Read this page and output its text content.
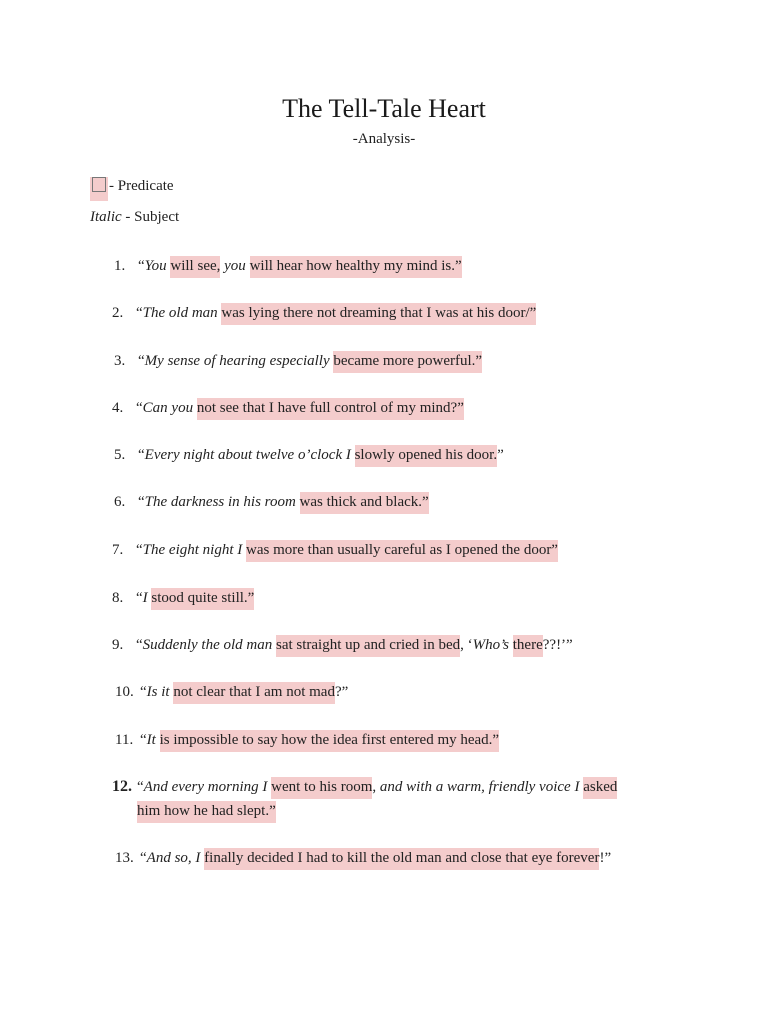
The Tell-Tale Heart
-Analysis-
- Predicate
Italic - Subject
1. “You will see, you will hear how healthy my mind is.”
2. “The old man was lying there not dreaming that I was at his door/”
3. “My sense of hearing especially became more powerful.”
4. “Can you not see that I have full control of my mind?”
5. “Every night about twelve o’clock I slowly opened his door.”
6. “The darkness in his room was thick and black.”
7. “The eight night I was more than usually careful as I opened the door”
8. “I stood quite still.”
9. “Suddenly the old man sat straight up and cried in bed, ‘Who’s there??!’”
10. “Is it not clear that I am not mad?”
11. “It is impossible to say how the idea first entered my head.”
12. “And every morning I went to his room, and with a warm, friendly voice I asked
him how he had slept.”
13. “And so, I finally decided I had to kill the old man and close that eye forever!”
